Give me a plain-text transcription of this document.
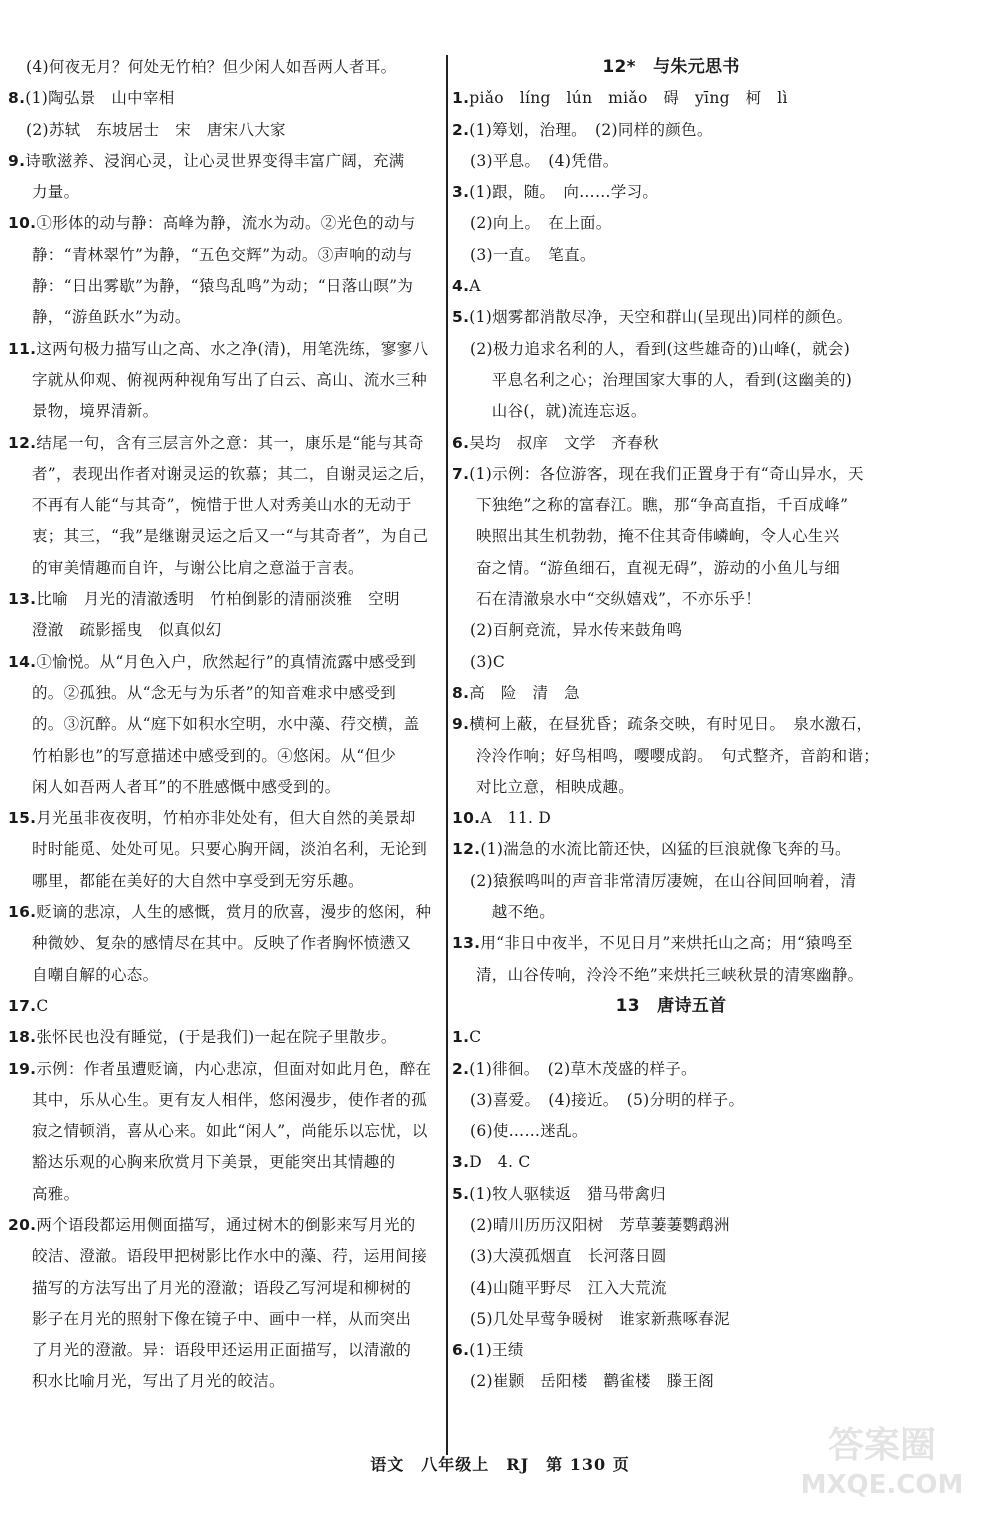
(4)何夜无月？何处无竹柏？但少闲人如吾两人者耳。
8.(1)陶弘景　山中宰相
(2)苏轼　东坡居士　宋　唐宋八大家
9.诗歌滋养、浸润心灵，让心灵世界变得丰富广阔，充满
力量。
10.①形体的动与静：高峰为静，流水为动。②光色的动与
静：“青林翠竹”为静，“五色交辉”为动。③声响的动与
静：“日出雾歇”为静，“猿鸟乱鸣”为动；“日落山暝”为
静，“游鱼跃水”为动。
11.这两句极力描写山之高、水之净(清)，用笔洗练，寥寥八
字就从仰观、俯视两种视角写出了白云、高山、流水三种
景物，境界清新。
12.结尾一句，含有三层言外之意：其一，康乐是“能与其奇
者”，表现出作者对谢灵运的钦慕；其二，自谢灵运之后，
不再有人能“与其奇”，惋惜于世人对秀美山水的无动于
衷；其三，“我”是继谢灵运之后又一“与其奇者”，为自己
的审美情趣而自许，与谢公比肩之意溢于言表。
13.比喻　月光的清澈透明　竹柏倒影的清丽淡雅　空明
澄澈　疏影摇曳　似真似幻
14.①愉悦。从“月色入户，欣然起行”的真情流露中感受到
的。②孤独。从“念无与为乐者”的知音难求中感受到
的。③沉醉。从“庭下如积水空明，水中藻、荇交横，盖
竹柏影也”的写意描述中感受到的。④悠闲。从“但少
闲人如吾两人者耳”的不胜感慨中感受到的。
15.月光虽非夜夜明，竹柏亦非处处有，但大自然的美景却
时时能觅、处处可见。只要心胸开阔，淡泊名利，无论到
哪里，都能在美好的大自然中享受到无穷乐趣。
16.贬谪的悲凉，人生的感慨，赏月的欣喜，漫步的悠闲，种
种微妙、复杂的感情尽在其中。反映了作者胸怀愤懑又
自嘲自解的心态。
17.C
18.张怀民也没有睡觉，(于是我们)一起在院子里散步。
19.示例：作者虽遭贬谪，内心悲凉，但面对如此月色，醉在
其中，乐从心生。更有友人相伴，悠闲漫步，使作者的孤
寂之情顿消，喜从心来。如此“闲人”，尚能乐以忘忧，以
豁达乐观的心胸来欣赏月下美景，更能突出其情趣的
高雅。
20.两个语段都运用侧面描写，通过树木的倒影来写月光的
皎洁、澄澈。语段甲把树影比作水中的藻、荇，运用间接
描写的方法写出了月光的澄澈；语段乙写河堤和柳树的
影子在月光的照射下像在镜子中、画中一样，从而突出
了月光的澄澈。异：语段甲还运用正面描写，以清澈的
积水比喻月光，写出了月光的皎洁。
12*　与朱元思书
1.piǎo　líng　lún　miǎo　碍　yīng　柯　lì
2.(1)筹划，治理。　(2)同样的颜色。
(3)平息。　(4)凭借。
3.(1)跟，随。　向……学习。
(2)向上。　在上面。
(3)一直。　笔直。
4.A
5.(1)烟雾都消散尽净，天空和群山(呈现出)同样的颜色。
(2)极力追求名利的人，看到(这些雄奇的)山峰(，就会)
　平息名利之心；治理国家大事的人，看到(这幽美的)
　山谷(，就)流连忘返。
6.吴均　叔庠　文学　齐春秋
7.(1)示例：各位游客，现在我们正置身于有“奇山异水，天
下独绝”之称的富春江。瞧，那“争高直指，千百成峰”
映照出其生机勃勃，掩不住其奇伟嶙峋，令人心生兴
奋之情。“游鱼细石，直视无碍”，游动的小鱼儿与细
石在清澈泉水中“交纵嬉戏”，不亦乐乎！
(2)百舸竞流，异水传来鼓角鸣
(3)C
8.高　险　清　急
9.横柯上蔽，在昼犹昏；疏条交映，有时见日。　泉水激石，
泠泠作响；好鸟相鸣，嘤嘤成韵。　句式整齐，音韵和谐；
对比立意，相映成趣。
10.A　11. D
12.(1)湍急的水流比箭还快，凶猛的巨浪就像飞奔的马。
(2)猿猴鸣叫的声音非常清厉凄婉，在山谷间回响着，清
　越不绝。
13.用“非日中夜半，不见日月”来烘托山之高；用“猿鸣至
清，山谷传响，泠泠不绝”来烘托三峡秋景的清寒幽静。
13　唐诗五首
1.C
2.(1)徘徊。　(2)草木茂盛的样子。
(3)喜爱。　(4)接近。　(5)分明的样子。
(6)使……迷乱。
3.D　4. C
5.(1)牧人驱犊返　猎马带禽归
(2)晴川历历汉阳树　芳草萋萋鹦鹉洲
(3)大漠孤烟直　长河落日圆
(4)山随平野尽　江入大荒流
(5)几处早莺争暖树　谁家新燕啄春泥
6.(1)王绩
(2)崔颢　岳阳楼　鹳雀楼　滕王阁
语文　八年级上　RJ　第 130 页	答案圈
MXQE.COM
